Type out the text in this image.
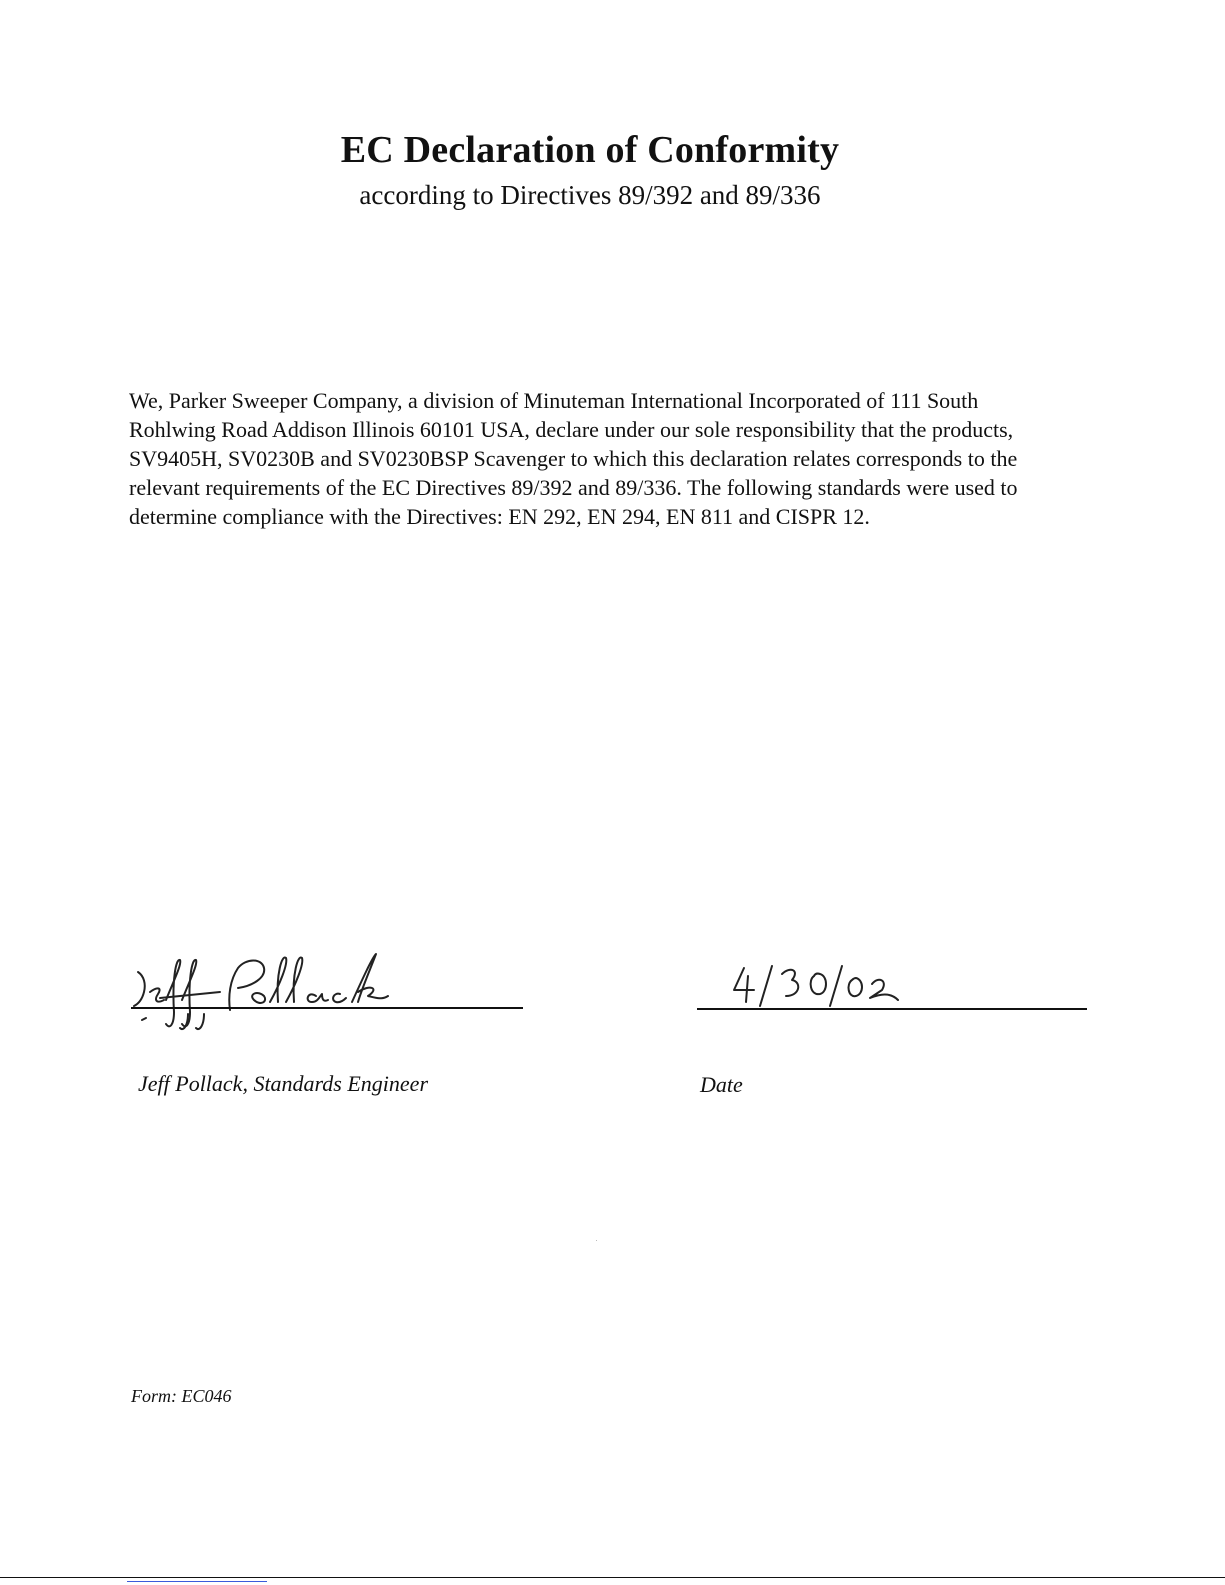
EC Declaration of Conformity

according to Directives 89/392 and 89/336

We, Parker Sweeper Company, a division of Minuteman International Incorporated of 111 South Rohlwing Road Addison Illinois 60101 USA, declare under our sole responsibility that the products, SV9405H, SV0230B and SV0230BSP Scavenger to which this declaration relates corresponds to the relevant requirements of the EC Directives 89/392 and 89/336. The following standards were used to determine compliance with the Directives: EN 292, EN 294, EN 811 and CISPR 12.

Jeff Pollack, Standards Engineer	Date

Form: EC046
